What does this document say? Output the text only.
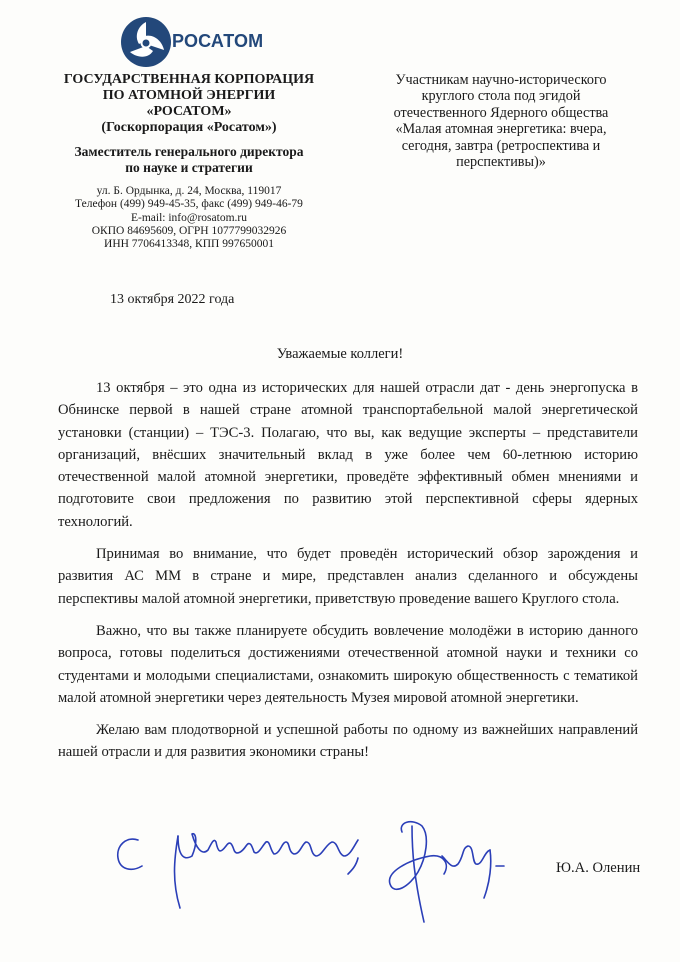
РОСАТОМ
ГОСУДАРСТВЕННАЯ КОРПОРАЦИЯ
ПО АТОМНОЙ ЭНЕРГИИ
«РОСАТОМ»
(Госкорпорация «Росатом»)
Заместитель генерального директора
по науке и стратегии
ул. Б. Ордынка, д. 24, Москва, 119017
Телефон (499) 949-45-35, факс (499) 949-46-79
E-mail: info@rosatom.ru
ОКПО 84695609, ОГРН 1077799032926
ИНН 7706413348, КПП 997650001
Участникам научно-исторического
круглого стола под эгидой
отечественного Ядерного общества
«Малая атомная энергетика: вчера,
сегодня, завтра (ретроспектива и
перспективы)»
13 октября 2022 года
Уважаемые коллеги!

13 октября – это одна из исторических для нашей отрасли дат - день энергопуска в Обнинске первой в нашей стране атомной транспортабельной малой энергетической установки (станции) – ТЭС-3. Полагаю, что вы, как ведущие эксперты – представители организаций, внёсших значительный вклад в уже более чем 60-летнюю историю отечественной малой атомной энергетики, проведёте эффективный обмен мнениями и подготовите свои предложения по развитию этой перспективной сферы ядерных технологий.

Принимая во внимание, что будет проведён исторический обзор зарождения и развития АС ММ в стране и мире, представлен анализ сделанного и обсуждены перспективы малой атомной энергетики, приветствую проведение вашего Круглого стола.

Важно, что вы также планируете обсудить вовлечение молодёжи в историю данного вопроса, готовы поделиться достижениями отечественной атомной науки и техники со студентами и молодыми специалистами, ознакомить широкую общественность с тематикой малой атомной энергетики через деятельность Музея мировой атомной энергетики.

Желаю вам плодотворной и успешной работы по одному из важнейших направлений нашей отрасли и для развития экономики страны!

Ю.А. Оленин
